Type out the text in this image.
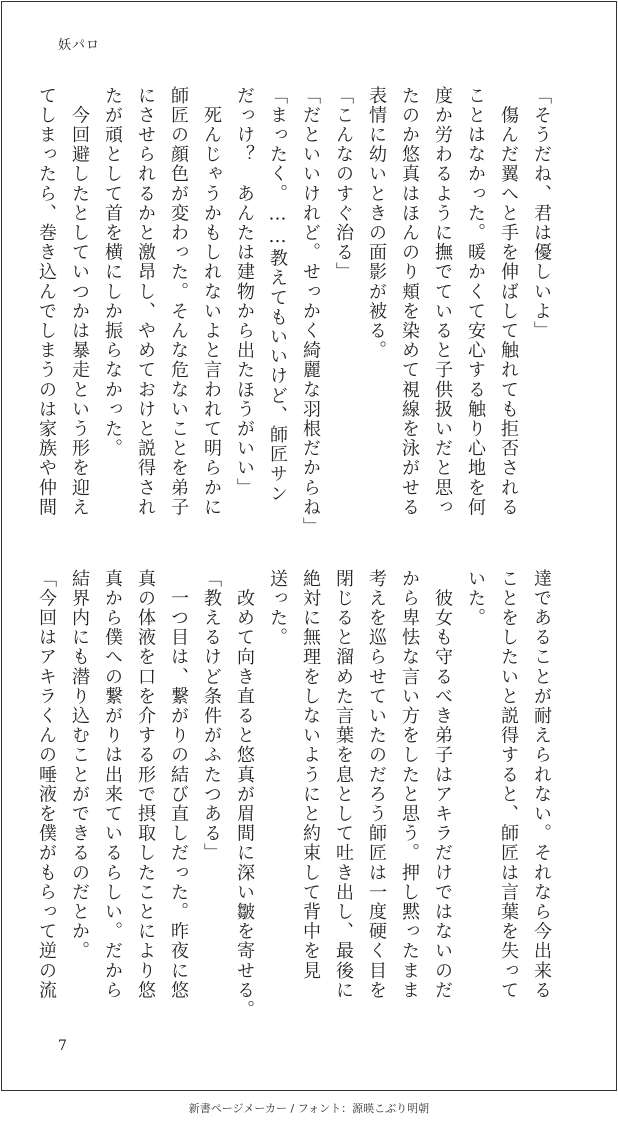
妖パロ
「そうだね、君は優しいよ」
　傷んだ翼へと手を伸ばして触れても拒否される
ことはなかった。暖かくて安心する触り心地を何
度か労わるように撫でていると子供扱いだと思っ
たのか悠真はほんのり頬を染めて視線を泳がせる
表情に幼いときの面影が被る。
「こんなのすぐ治る」
「だといいけれど。せっかく綺麗な羽根だからね」
「まったく。……教えてもいいけど、師匠サン
だっけ？　あんたは建物から出たほうがいい」
　死んじゃうかもしれないよと言われて明らかに
師匠の顔色が変わった。そんな危ないことを弟子
にさせられるかと激昂し、やめておけと説得され
たが頑として首を横にしか振らなかった。
　今回避したとしていつかは暴走という形を迎え
てしまったら、巻き込んでしまうのは家族や仲間
達であることが耐えられない。それなら今出来る
ことをしたいと説得すると、師匠は言葉を失って
いた。
　彼女も守るべき弟子はアキラだけではないのだ
から卑怯な言い方をしたと思う。押し黙ったまま
考えを巡らせていたのだろう師匠は一度硬く目を
閉じると溜めた言葉を息として吐き出し、最後に
絶対に無理をしないようにと約束して背中を見
送った。
　改めて向き直ると悠真が眉間に深い皺を寄せる。
「教えるけど条件がふたつある」
　一つ目は、繋がりの結び直しだった。昨夜に悠
真の体液を口を介する形で摂取したことにより悠
真から僕への繋がりは出来ているらしい。だから
結界内にも潜り込むことができるのだとか。
「今回はアキラくんの唾液を僕がもらって逆の流
7
新書ページメーカー / フォント：源暎こぶり明朝
